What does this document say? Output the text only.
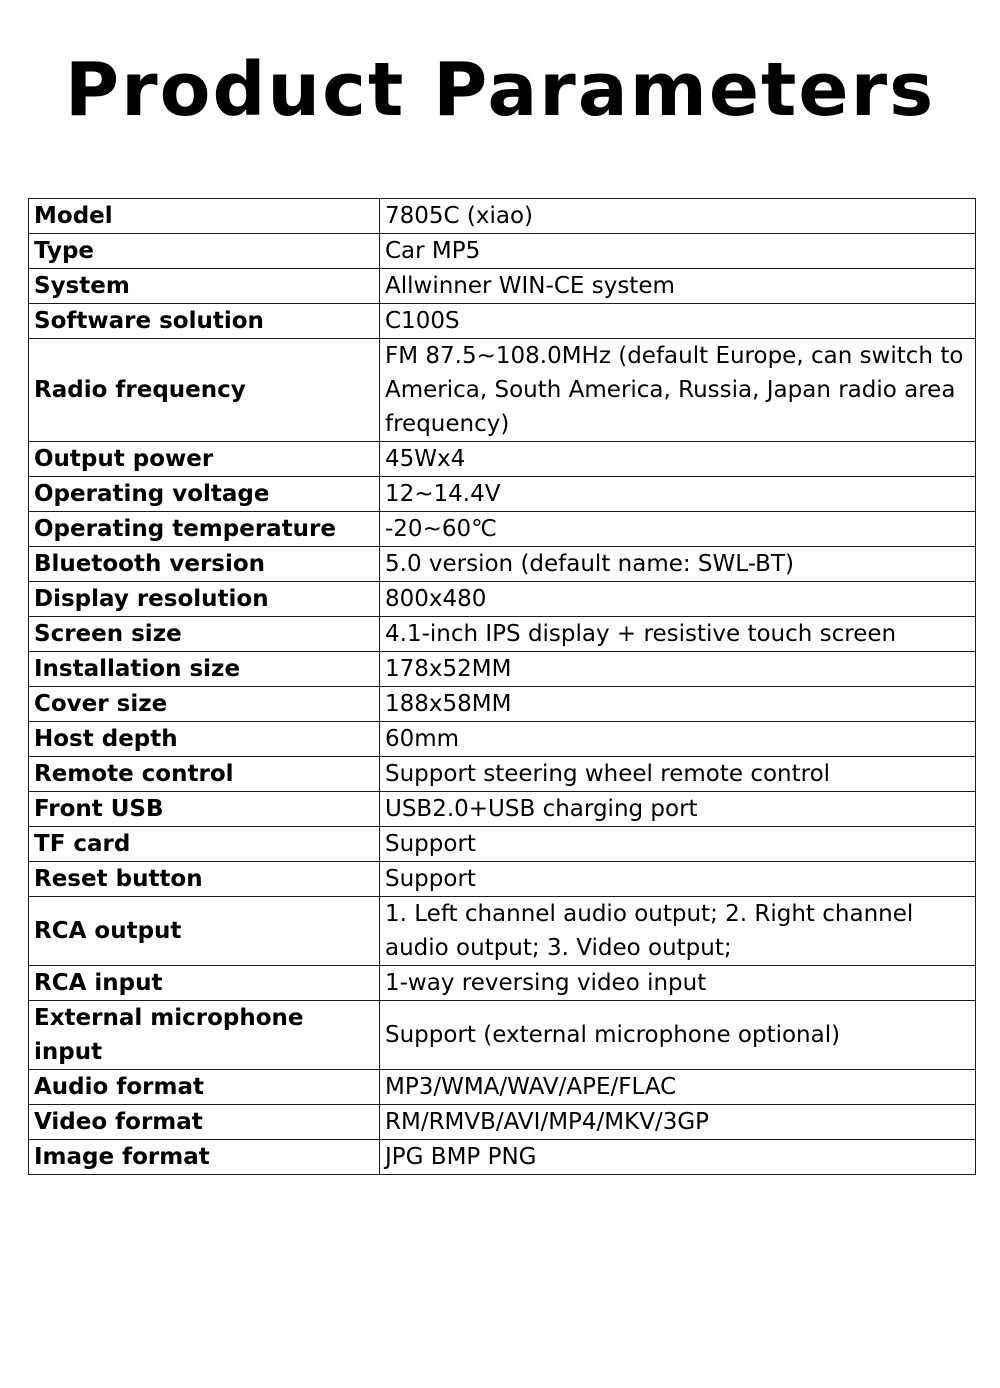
Product Parameters
Model	7805C (xiao)
Type	Car MP5
System	Allwinner WIN-CE system
Software solution	C100S
Radio frequency	FM 87.5~108.0MHz (default Europe, can switch to America, South America, Russia, Japan radio area frequency)
Output power	45Wx4
Operating voltage	12~14.4V
Operating temperature	-20~60℃
Bluetooth version	5.0 version (default name: SWL-BT)
Display resolution	800x480
Screen size	4.1-inch IPS display + resistive touch screen
Installation size	178x52MM
Cover size	188x58MM
Host depth	60mm
Remote control	Support steering wheel remote control
Front USB	USB2.0+USB charging port
TF card	Support
Reset button	Support
RCA output	1. Left channel audio output; 2. Right channel audio output; 3. Video output;
RCA input	1-way reversing video input
External microphone input	Support (external microphone optional)
Audio format	MP3/WMA/WAV/APE/FLAC
Video format	RM/RMVB/AVI/MP4/MKV/3GP
Image format	JPG BMP PNG
